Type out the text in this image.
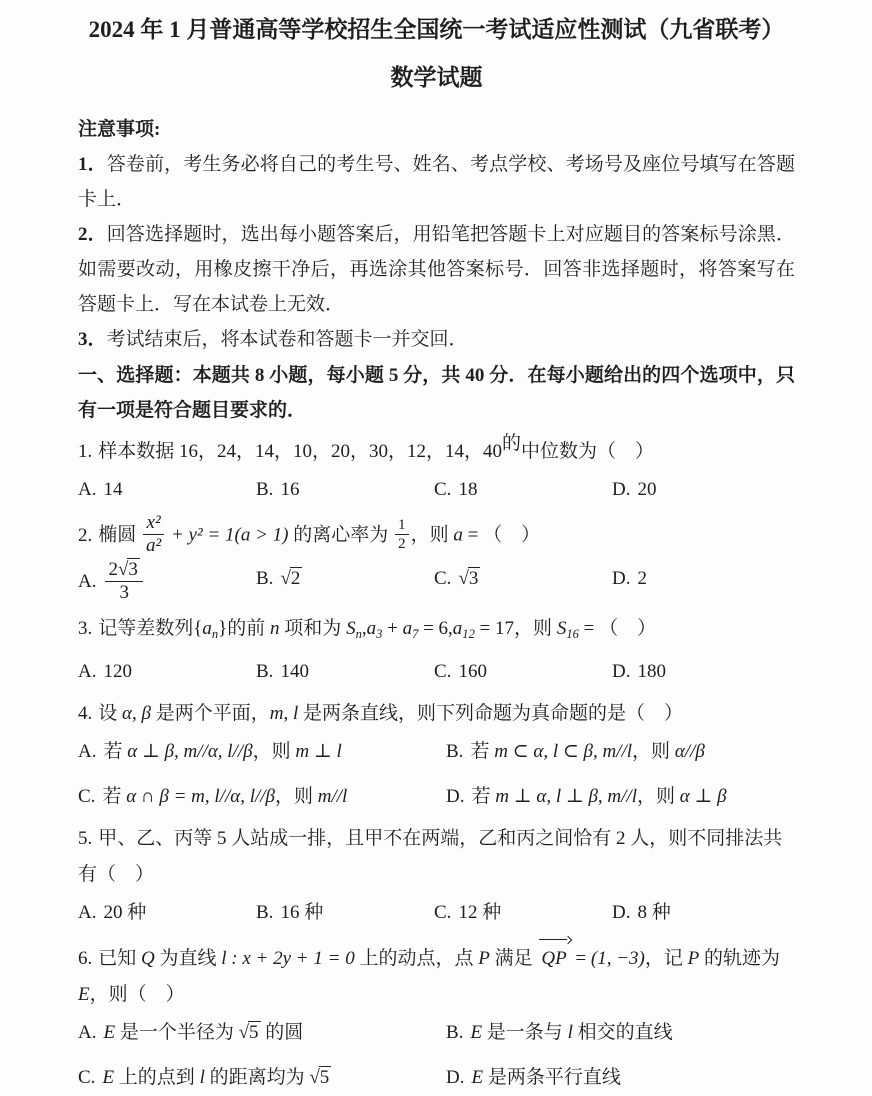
2024 年 1 月普通高等学校招生全国统一考试适应性测试（九省联考）
数学试题
注意事项:

1．答卷前，考生务必将自己的考生号、姓名、考点学校、考场号及座位号填写在答题卡上．

2．回答选择题时，选出每小题答案后，用铅笔把答题卡上对应题目的答案标号涂黑．如需要改动，用橡皮擦干净后，再选涂其他答案标号．回答非选择题时，将答案写在答题卡上．写在本试卷上无效．

3．考试结束后，将本试卷和答题卡一并交回．

一、选择题：本题共 8 小题，每小题 5 分，共 40 分．在每小题给出的四个选项中，只有一项是符合题目要求的．
1. 样本数据 16，24，14，10，20，30，12，14，40的中位数为（　）
A. 14	B. 16	C. 18	D. 20
2. 椭圆 $\frac{\text{x²}}{\text{a²}} + y^2 = 1(a > 1)$ 的离心率为 $\frac{1}{2}$ ，则 a = （　）
A. $\frac{2√3}{3}$	B. √2	C. √3	D. 2
3. 记等差数列$\{a_n\}$的前 n 项和为 $S_n,a_3 + a_7 = 6,a_{12} = 17$，则 $S_{16}$ = （　）
A. 120	B. 140	C. 160	D. 180
4. 设 α, β 是两个平面，m, l 是两条直线，则下列命题为真命题的是（　）
A. 若 α ⊥ β, m//α, l//β，则 m ⊥ l	B. 若 m ⊂ α, l ⊂ β, m//l，则 α//β
C. 若 α ∩ β = m, l//α, l//β，则 m//l	D. 若 m ⊥ α, l ⊥ β, m//l，则 α ⊥ β
5. 甲、乙、丙等 5 人站成一排，且甲不在两端，乙和丙之间恰有 2 人，则不同排法共有（　）
A. 20 种	B. 16 种	C. 12 种	D. 8 种
6. 已知 Q 为直线 l : x + 2y + 1 = 0 上的动点，点 P 满足 QP = (1, −3)，记 P 的轨迹为 E，则（　）
A. E 是一个半径为 √5 的圆	B. E 是一条与 l 相交的直线
C. E 上的点到 l 的距离均为 √5	D. E 是两条平行直线
